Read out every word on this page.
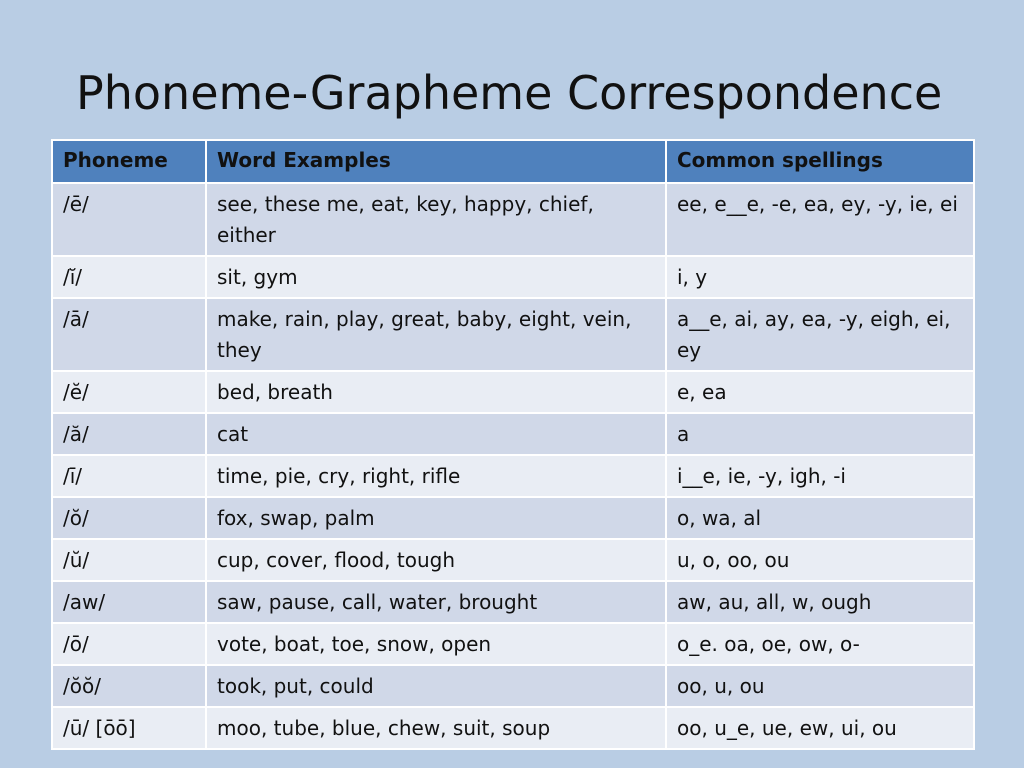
Phoneme-Grapheme Correspondence
Phoneme	Word Examples	Common spellings
/ē/	see, these me, eat, key, happy, chief, either	ee, e__e, -e, ea, ey, -y, ie, ei
/ĭ/	sit, gym	i, y
/ā/	make, rain, play, great, baby, eight, vein, they	a__e, ai, ay, ea, -y, eigh, ei, ey
/ĕ/	bed, breath	e, ea
/ă/	cat	a
/ī/	time, pie, cry, right, rifle	i__e, ie, -y, igh, -i
/ŏ/	fox, swap, palm	o, wa, al
/ŭ/	cup, cover, flood, tough	u, o, oo, ou
/aw/	saw, pause, call, water, brought	aw, au, all, w, ough
/ō/	vote, boat, toe, snow, open	o_e. oa, oe, ow, o-
/ŏŏ/	took, put, could	oo, u, ou
/ū/ [ōō]	moo, tube, blue, chew, suit, soup	oo, u_e, ue, ew, ui, ou
